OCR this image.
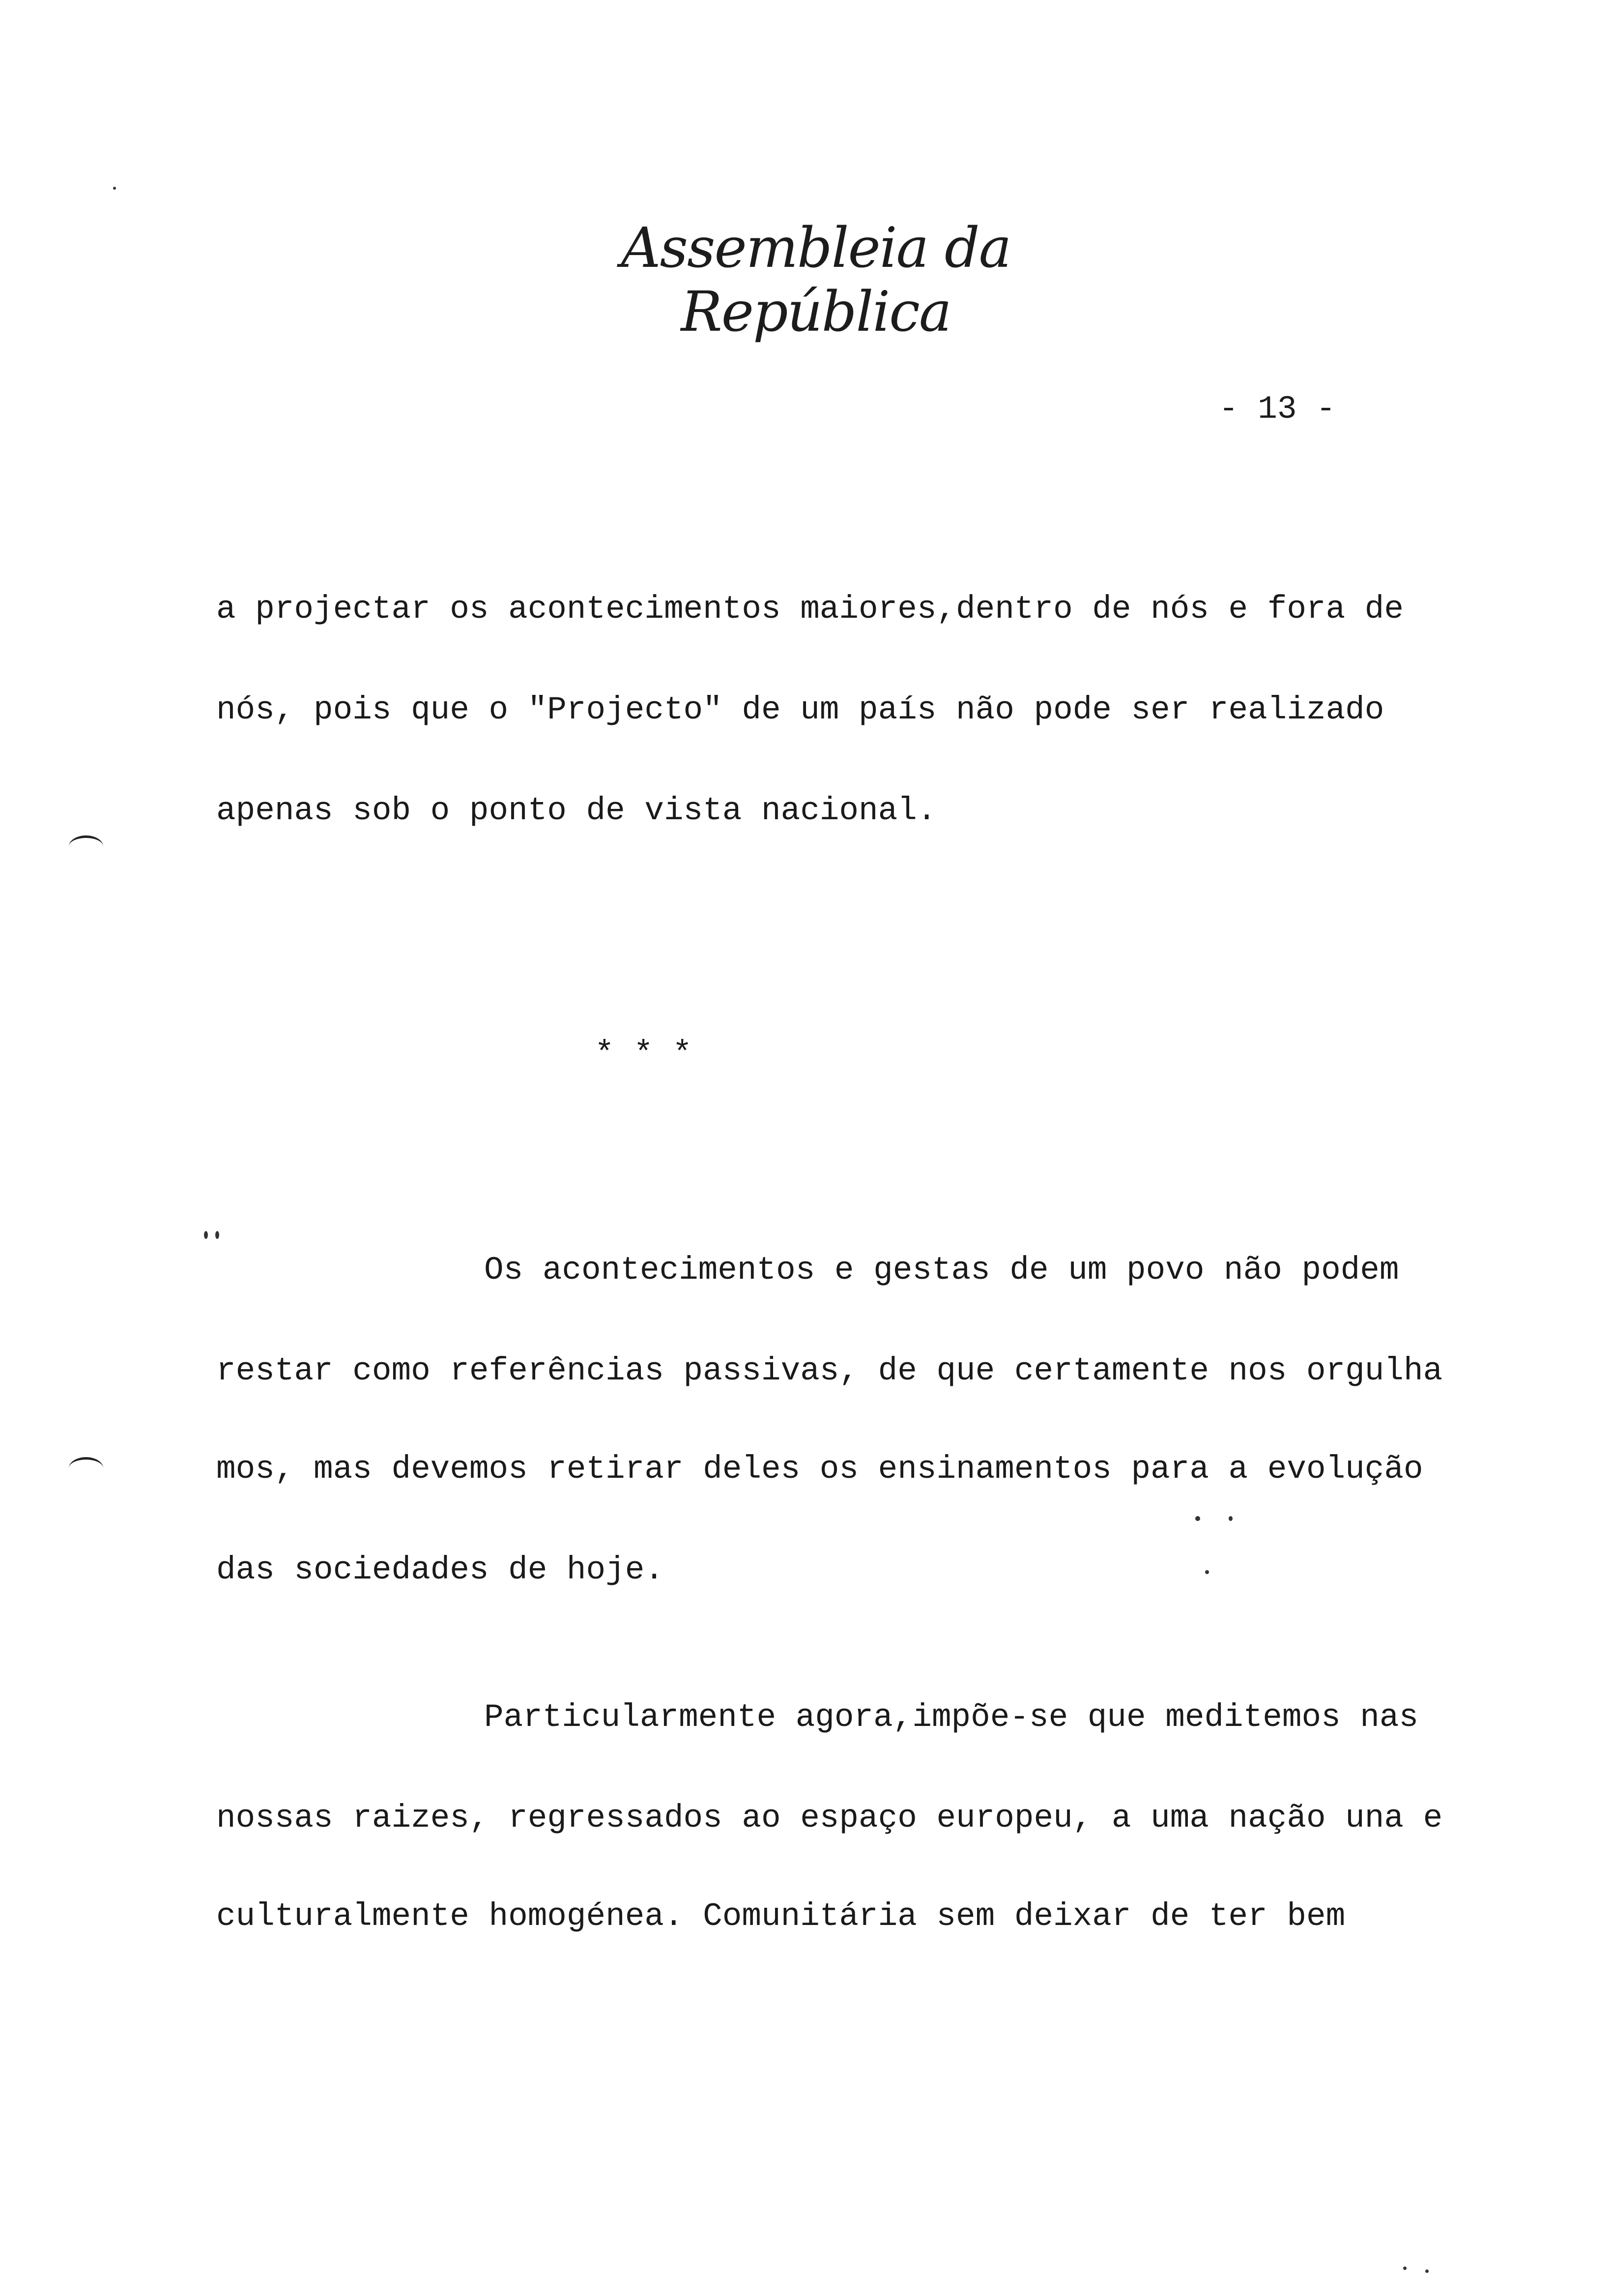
Assembleia da República
- 13 -
a projectar os acontecimentos maiores,dentro de nós e fora de
nós, pois que o "Projecto" de um país não pode ser realizado
apenas sob o ponto de vista nacional.
* * *
Os acontecimentos e gestas de um povo não podem
restar como referências passivas, de que certamente nos orgulha
mos, mas devemos retirar deles os ensinamentos para a evolução
das sociedades de hoje.
Particularmente agora,impõe-se que meditemos nas
nossas raizes, regressados ao espaço europeu, a uma nação una e
culturalmente homogénea. Comunitária sem deixar de ter bem
